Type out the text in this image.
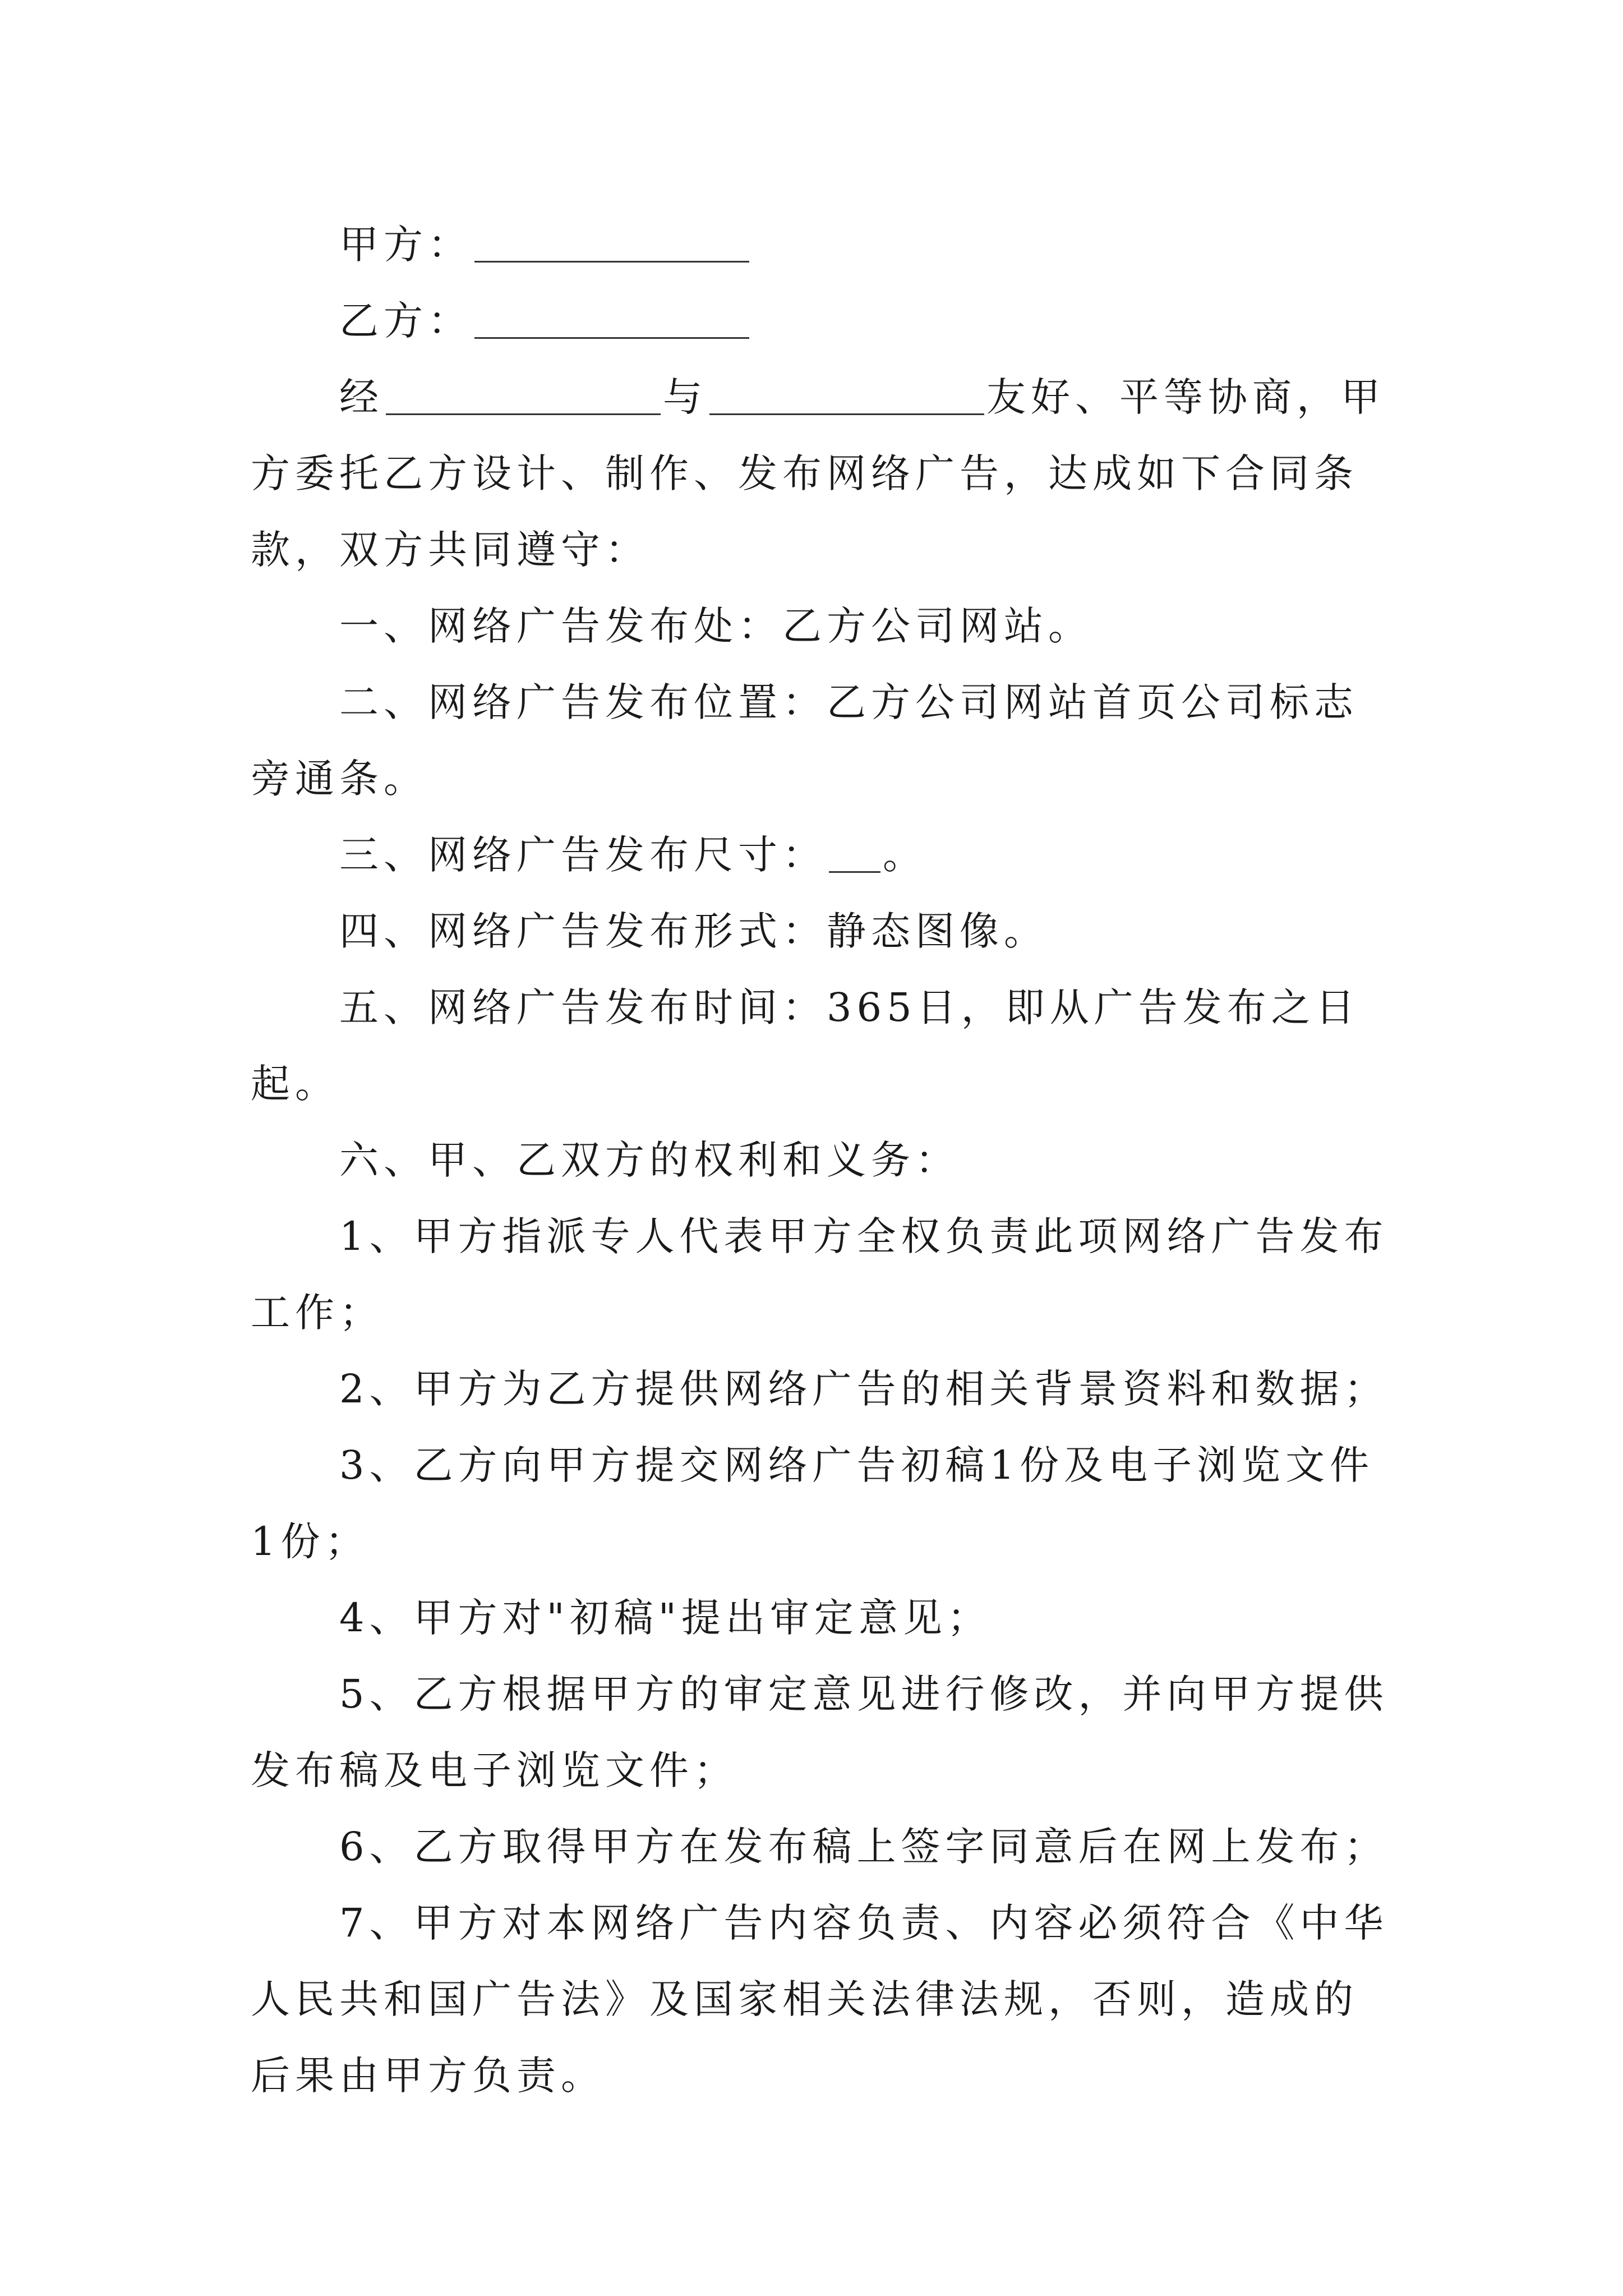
甲方：

乙方：

经	与	友好、平等协商，甲方委托乙方设计、制作、发布网络广告，达成如下合同条款，双方共同遵守：

一、网络广告发布处：乙方公司网站。

二、网络广告发布位置：乙方公司网站首页公司标志旁通条。

三、网络广告发布尺寸： 。

四、网络广告发布形式：静态图像。

五、网络广告发布时间：365日，即从广告发布之日起。

六、甲、乙双方的权利和义务：

1、甲方指派专人代表甲方全权负责此项网络广告发布工作；

2、甲方为乙方提供网络广告的相关背景资料和数据；

3、乙方向甲方提交网络广告初稿1份及电子浏览文件1份；

4、甲方对"初稿"提出审定意见；

5、乙方根据甲方的审定意见进行修改，并向甲方提供发布稿及电子浏览文件；

6、乙方取得甲方在发布稿上签字同意后在网上发布；

7、甲方对本网络广告内容负责、内容必须符合《中华人民共和国广告法》及国家相关法律法规，否则，造成的后果由甲方负责。
